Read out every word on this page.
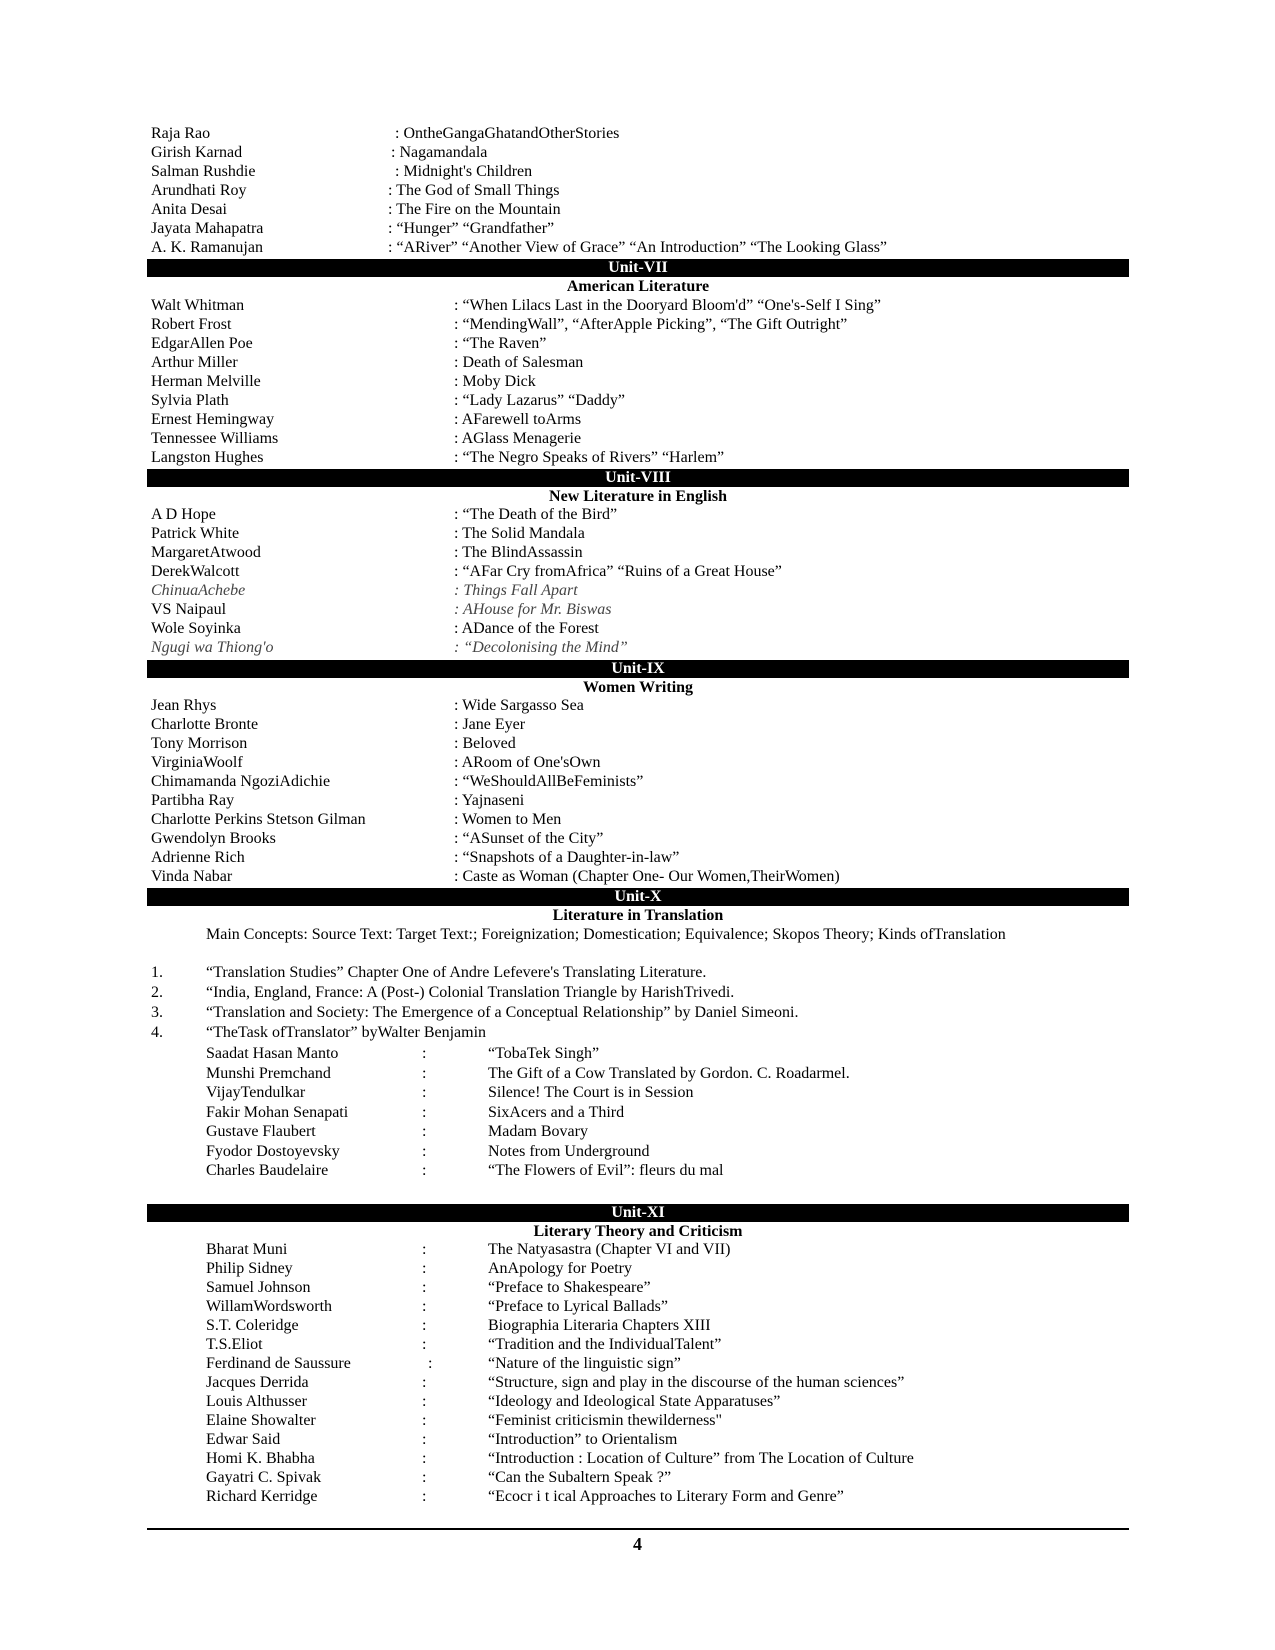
Raja Rao	: OntheGangaGhatandOtherStories
Girish Karnad	: Nagamandala
Salman Rushdie	: Midnight's Children
Arundhati Roy	: The God of Small Things
Anita Desai	: The Fire on the Mountain
Jayata Mahapatra	: “Hunger” “Grandfather”
A. K. Ramanujan	: “ARiver” “Another View of Grace” “An Introduction” “The Looking Glass”
Unit-VII
American Literature
Walt Whitman	: “When Lilacs Last in the Dooryard Bloom'd” “One's-Self I Sing”
Robert Frost	: “MendingWall”, “AfterApple Picking”, “The Gift Outright”
EdgarAllen Poe	: “The Raven”
Arthur Miller	: Death of Salesman
Herman Melville	: Moby Dick
Sylvia Plath	: “Lady Lazarus” “Daddy”
Ernest Hemingway	: AFarewell toArms
Tennessee Williams	: AGlass Menagerie
Langston Hughes	: “The Negro Speaks of Rivers” “Harlem”
Unit-VIII
New Literature in English
A D Hope	: “The Death of the Bird”
Patrick White	: The Solid Mandala
MargaretAtwood	: The BlindAssassin
DerekWalcott	: “AFar Cry fromAfrica” “Ruins of a Great House”
ChinuaAchebe	: Things Fall Apart
VS Naipaul	: AHouse for Mr. Biswas
Wole Soyinka	: ADance of the Forest
Ngugi wa Thiong'o	: “Decolonising the Mind”
Unit-IX
Women Writing
Jean Rhys	: Wide Sargasso Sea
Charlotte Bronte	: Jane Eyer
Tony Morrison	: Beloved
VirginiaWoolf	: ARoom of One'sOwn
Chimamanda NgoziAdichie	: “WeShouldAllBeFeminists”
Partibha Ray	: Yajnaseni
Charlotte Perkins Stetson Gilman	: Women to Men
Gwendolyn Brooks	: “ASunset of the City”
Adrienne Rich	: “Snapshots of a Daughter-in-law”
Vinda Nabar	: Caste as Woman (Chapter One- Our Women,TheirWomen)
Unit-X
Literature in Translation
Main Concepts: Source Text: Target Text:; Foreignization; Domestication; Equivalence; Skopos Theory; Kinds ofTranslation
1.	“Translation Studies” Chapter One of Andre Lefevere's Translating Literature.
2.	“India, England, France: A (Post-) Colonial Translation Triangle by HarishTrivedi.
3.	“Translation and Society: The Emergence of a Conceptual Relationship” by Daniel Simeoni.
4.	“TheTask ofTranslator” byWalter Benjamin
Saadat Hasan Manto	:	“TobaTek Singh”
Munshi Premchand	:	The Gift of a Cow Translated by Gordon. C. Roadarmel.
VijayTendulkar	:	Silence! The Court is in Session
Fakir Mohan Senapati	:	SixAcers and a Third
Gustave Flaubert	:	Madam Bovary
Fyodor Dostoyevsky	:	Notes from Underground
Charles Baudelaire	:	“The Flowers of Evil”: fleurs du mal
Unit-XI
Literary Theory and Criticism
Bharat Muni	:	The Natyasastra (Chapter VI and VII)
Philip Sidney	:	AnApology for Poetry
Samuel Johnson	:	“Preface to Shakespeare”
WillamWordsworth	:	“Preface to Lyrical Ballads”
S.T. Coleridge	:	Biographia Literaria Chapters XIII
T.S.Eliot	:	“Tradition and the IndividualTalent”
Ferdinand de Saussure	:	“Nature of the linguistic sign”
Jacques Derrida	:	“Structure, sign and play in the discourse of the human sciences”
Louis Althusser	:	“Ideology and Ideological State Apparatuses”
Elaine Showalter	:	“Feminist criticismin thewilderness"
Edwar Said	:	“Introduction” to Orientalism
Homi K. Bhabha	:	“Introduction : Location of Culture” from The Location of Culture
Gayatri C. Spivak	:	“Can the Subaltern Speak ?”
Richard Kerridge	:	“Ecocr i t ical Approaches to Literary Form and Genre”
4
